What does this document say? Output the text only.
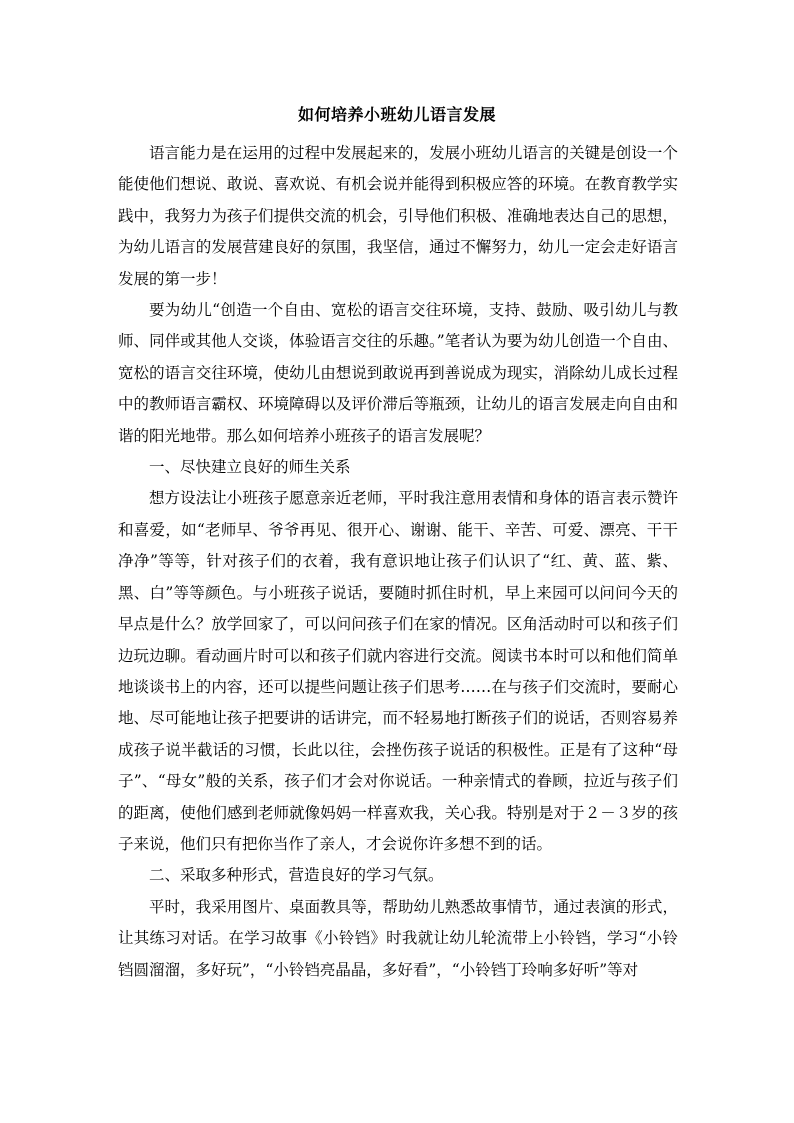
如何培养小班幼儿语言发展

语言能力是在运用的过程中发展起来的，发展小班幼儿语言的关键是创设一个能使他们想说、敢说、喜欢说、有机会说并能得到积极应答的环境。在教育教学实践中，我努力为孩子们提供交流的机会，引导他们积极、准确地表达自己的思想，为幼儿语言的发展营建良好的氛围，我坚信，通过不懈努力，幼儿一定会走好语言发展的第一步！

要为幼儿“创造一个自由、宽松的语言交往环境，支持、鼓励、吸引幼儿与教师、同伴或其他人交谈，体验语言交往的乐趣。”笔者认为要为幼儿创造一个自由、宽松的语言交往环境，使幼儿由想说到敢说再到善说成为现实，消除幼儿成长过程中的教师语言霸权、环境障碍以及评价滞后等瓶颈，让幼儿的语言发展走向自由和谐的阳光地带。那么如何培养小班孩子的语言发展呢？

一、尽快建立良好的师生关系

想方设法让小班孩子愿意亲近老师，平时我注意用表情和身体的语言表示赞许和喜爱，如“老师早、爷爷再见、很开心、谢谢、能干、辛苦、可爱、漂亮、干干净净”等等，针对孩子们的衣着，我有意识地让孩子们认识了“红、黄、蓝、紫、黑、白”等等颜色。与小班孩子说话，要随时抓住时机，早上来园可以问问今天的早点是什么？放学回家了，可以问问孩子们在家的情况。区角活动时可以和孩子们边玩边聊。看动画片时可以和孩子们就内容进行交流。阅读书本时可以和他们简单地谈谈书上的内容，还可以提些问题让孩子们思考……在与孩子们交流时，要耐心地、尽可能地让孩子把要讲的话讲完，而不轻易地打断孩子们的说话，否则容易养成孩子说半截话的习惯，长此以往，会挫伤孩子说话的积极性。正是有了这种“母子”、“母女”般的关系，孩子们才会对你说话。一种亲情式的眷顾，拉近与孩子们的距离，使他们感到老师就像妈妈一样喜欢我，关心我。特别是对于２－３岁的孩子来说，他们只有把你当作了亲人，才会说你许多想不到的话。

二、采取多种形式，营造良好的学习气氛。

平时，我采用图片、桌面教具等，帮助幼儿熟悉故事情节，通过表演的形式，让其练习对话。在学习故事《小铃铛》时我就让幼儿轮流带上小铃铛，学习“小铃铛圆溜溜，多好玩”，“小铃铛亮晶晶，多好看”，“小铃铛丁玲响多好听”等对
